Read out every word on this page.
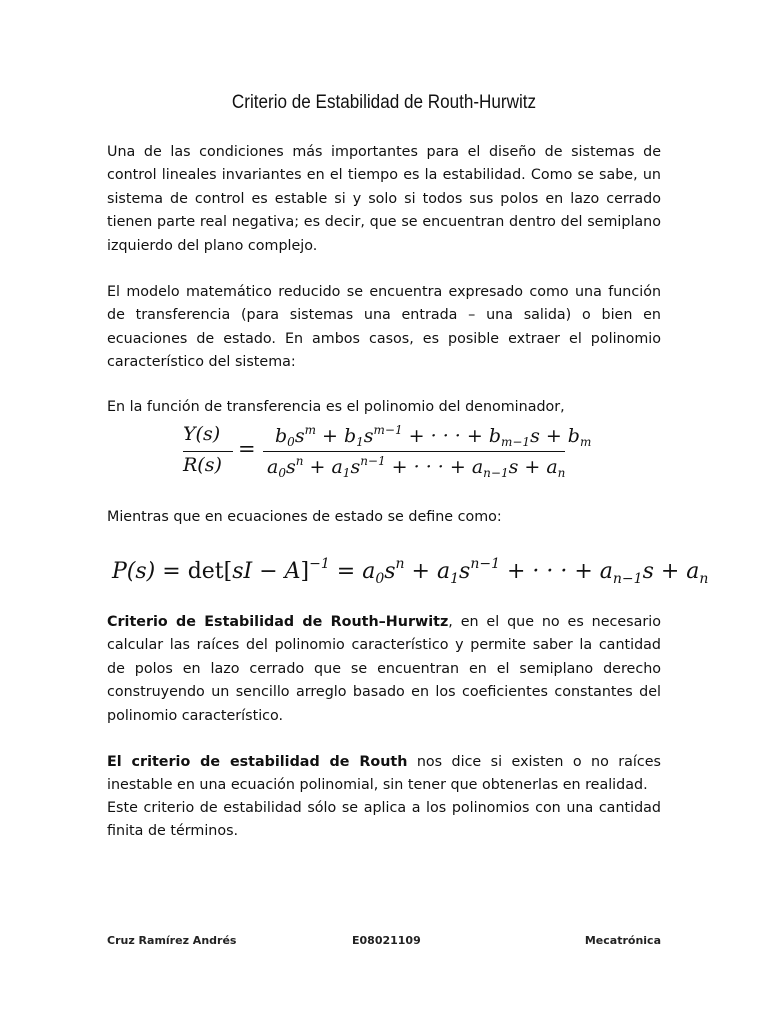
Criterio de Estabilidad de Routh-Hurwitz
Una de las condiciones más importantes para el diseño de sistemas de control lineales invariantes en el tiempo es la estabilidad. Como se sabe, un sistema de control es estable si y solo si todos sus polos en lazo cerrado tienen parte real negativa; es decir, que se encuentran dentro del semiplano izquierdo del plano complejo.
El modelo matemático reducido se encuentra expresado como una función de transferencia (para sistemas una entrada – una salida) o bien en ecuaciones de estado. En ambos casos, es posible extraer el polinomio característico del sistema:
En la función de transferencia es el polinomio del denominador,
Y(s)
R(s)
=
$b_0s^m + b_1s^{m-1}$ + · · · + $b_{m-1}s + b_m$
$a_0s^n + a_1s^{n-1}$ + · · · + $a_{n-1}s + a_n$
Mientras que en ecuaciones de estado se define como:
$P(s) = \det[sI - A]^{-1} = a_0s^n + a_1s^{n-1}$ + · · · + $a_{n-1}s + a_n$
Criterio de Estabilidad de Routh–Hurwitz, en el que no es necesario calcular las raíces del polinomio característico y permite saber la cantidad de polos en lazo cerrado que se encuentran en el semiplano derecho construyendo un sencillo arreglo basado en los coeficientes constantes del polinomio característico.
El criterio de estabilidad de Routh nos dice si existen o no raíces inestable en una ecuación polinomial, sin tener que obtenerlas en realidad.
Este criterio de estabilidad sólo se aplica a los polinomios con una cantidad finita de términos.
Cruz Ramírez Andrés	E08021109	Mecatrónica
